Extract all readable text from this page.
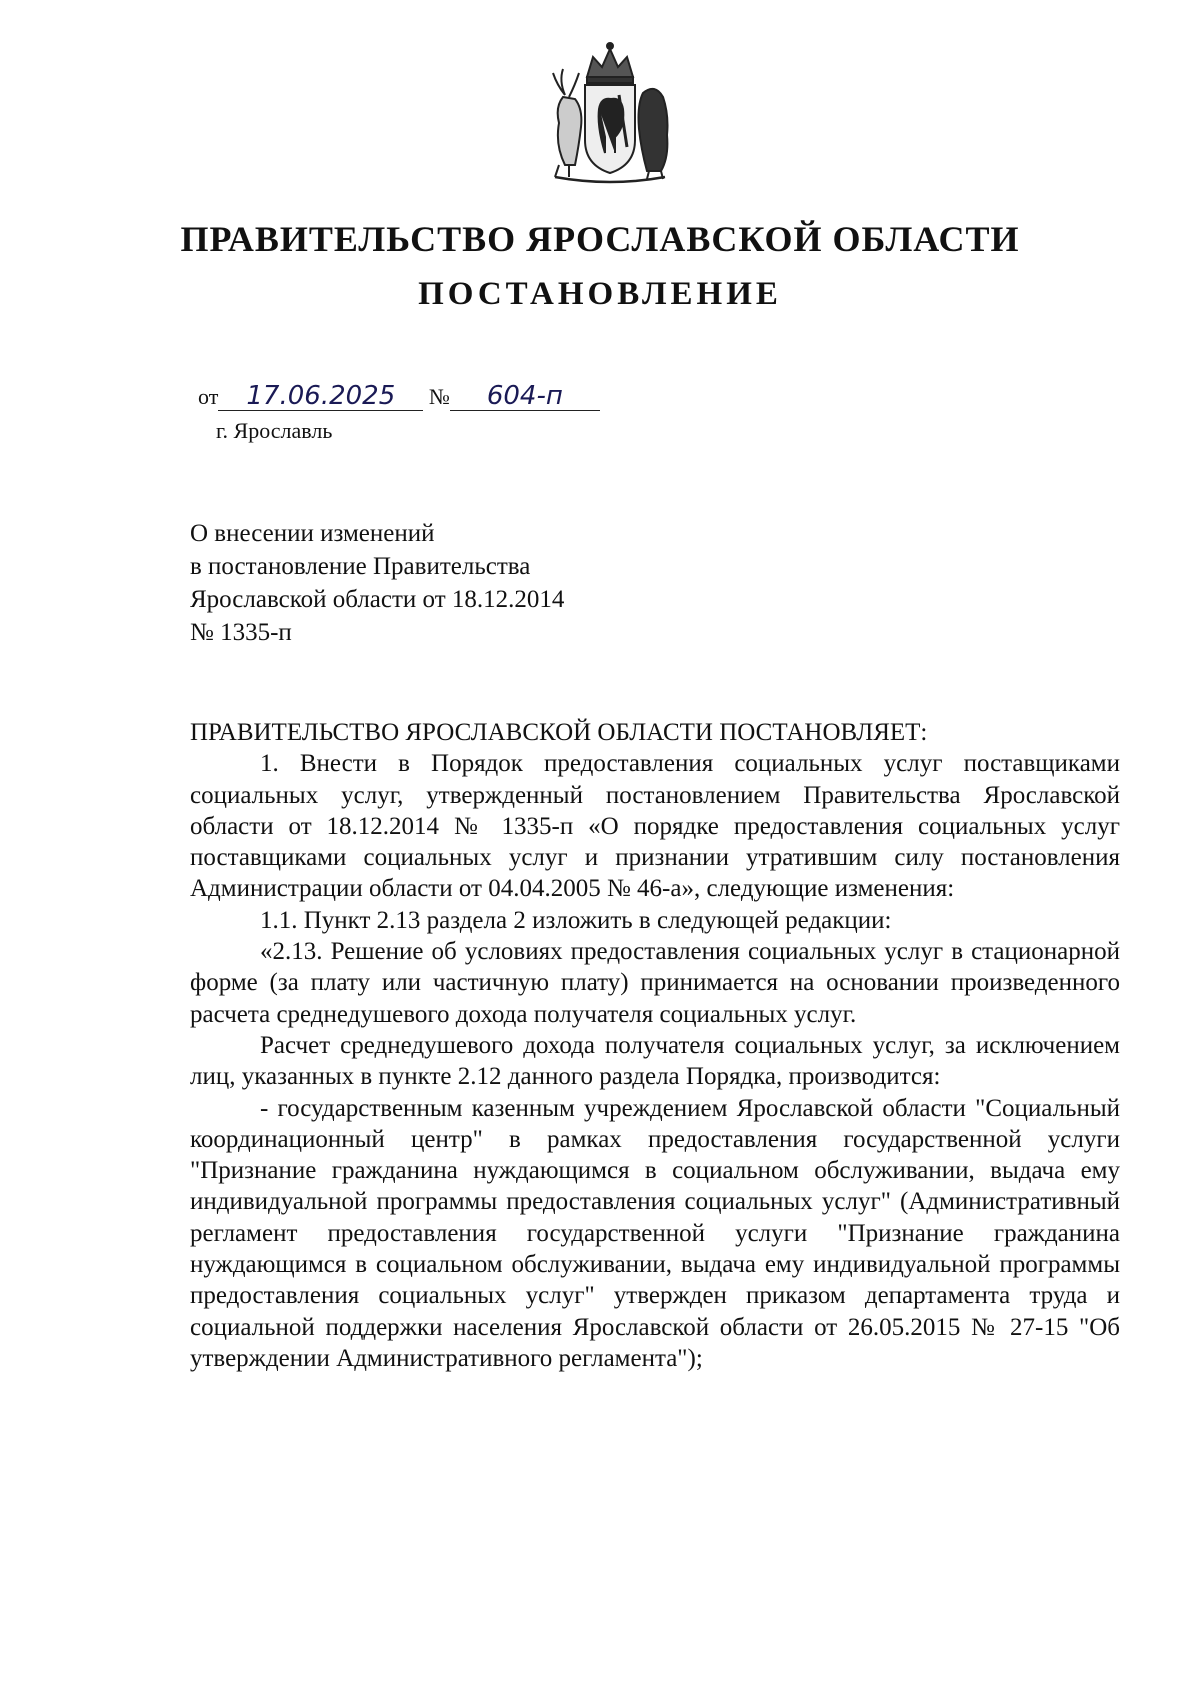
ПРАВИТЕЛЬСТВО ЯРОСЛАВСКОЙ ОБЛАСТИ
ПОСТАНОВЛЕНИЕ
от 17.06.2025 № 604-п
г. Ярославль
О внесении изменений
в постановление Правительства
Ярославской области от 18.12.2014
№ 1335-п

ПРАВИТЕЛЬСТВО ЯРОСЛАВСКОЙ ОБЛАСТИ ПОСТАНОВЛЯЕТ:

1. Внести в Порядок предоставления социальных услуг поставщиками социальных услуг, утвержденный постановлением Правительства Ярославской области от 18.12.2014 № 1335-п «О порядке предоставления социальных услуг поставщиками социальных услуг и признании утратившим силу постановления Администрации области от 04.04.2005 № 46-а», следующие изменения:

1.1. Пункт 2.13 раздела 2 изложить в следующей редакции:

«2.13. Решение об условиях предоставления социальных услуг в стационарной форме (за плату или частичную плату) принимается на основании произведенного расчета среднедушевого дохода получателя социальных услуг.

Расчет среднедушевого дохода получателя социальных услуг, за исключением лиц, указанных в пункте 2.12 данного раздела Порядка, производится:

- государственным казенным учреждением Ярославской области "Социальный координационный центр" в рамках предоставления государственной услуги "Признание гражданина нуждающимся в социальном обслуживании, выдача ему индивидуальной программы предоставления социальных услуг" (Административный регламент предоставления государственной услуги "Признание гражданина нуждающимся в социальном обслуживании, выдача ему индивидуальной программы предоставления социальных услуг" утвержден приказом департамента труда и социальной поддержки населения Ярославской области от 26.05.2015 № 27-15 "Об утверждении Административного регламента");
